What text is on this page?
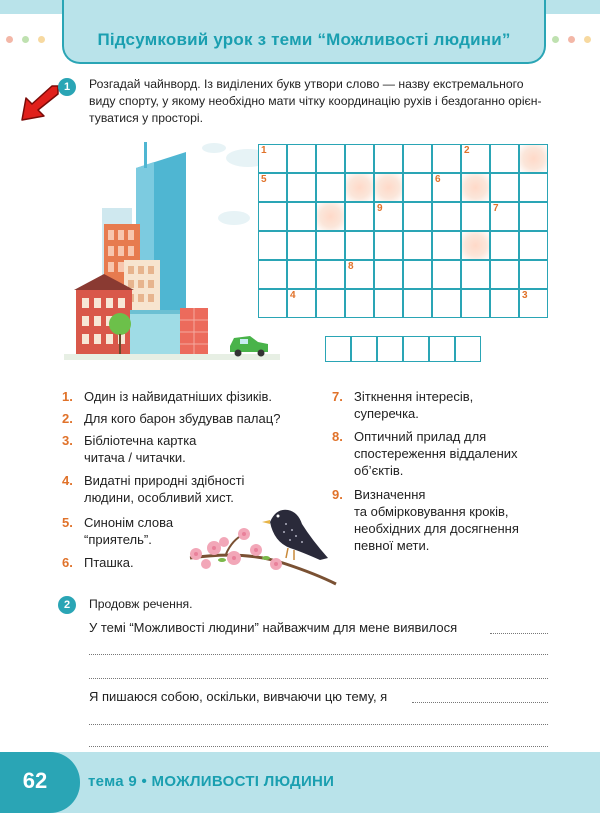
Підсумковий урок з теми “Можливості людини”
1	Розгадай чайнворд. Із виділених букв утвори слово — назву екстремального
виду спорту, у якому необхідно мати чітку координацію рухів і бездоганно орієн-
туватися у просторі.
1	2
5	6
9	7
8
4	3
1. Один із найвидатніших фізиків.
2. Для кого барон збудував палац?
3. Бібліотечна картка
читача / читачки.
4. Видатні природні здібності
людини, особливий хист.
5. Синонім слова
“приятель”.
6. Пташка.
7. Зіткнення інтересів,
суперечка.
8. Оптичний прилад для
спостереження віддалених
об’єктів.
9. Визначення
та обмірковування кроків,
необхідних для досягнення
певної мети.
2	Продовж речення.
У темі “Можливості людини” найважчим для мене виявилося
Я пишаюся собою, оскільки, вивчаючи цю тему, я
62	тема 9 • МОЖЛИВОСТІ ЛЮДИНИ
